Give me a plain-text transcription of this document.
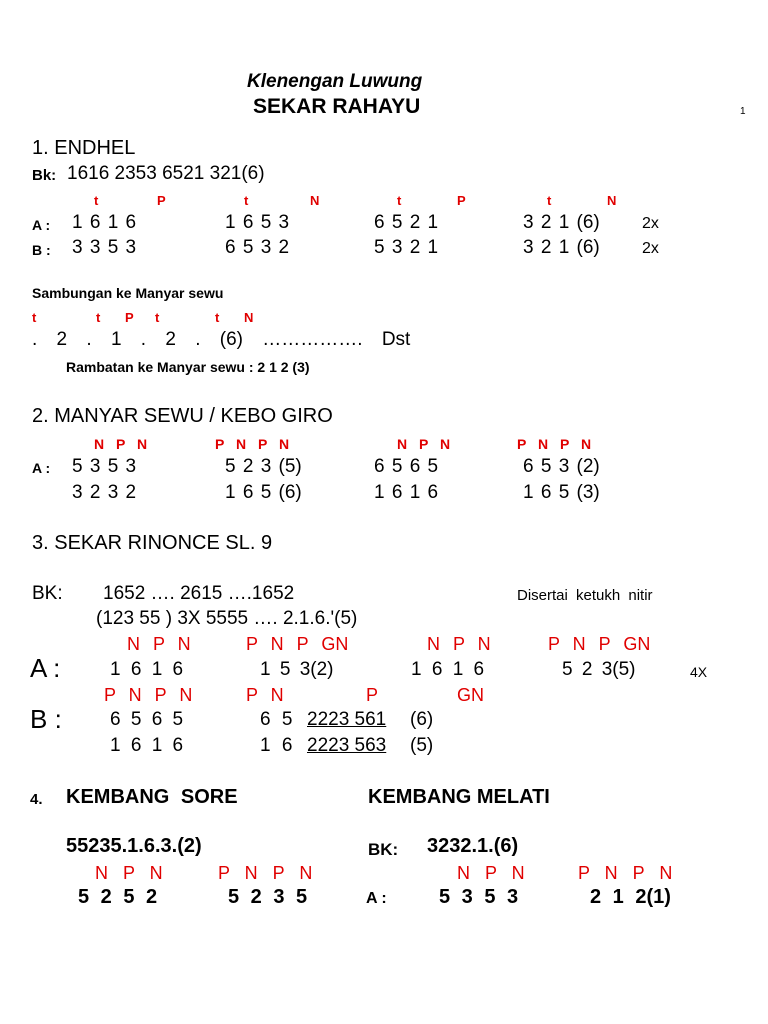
Klenengan Luwung
SEKAR RAHAYU	1
1. ENDHEL
Bk: 1616 2353 6521 321(6)
t	P	t	N	t	P	t	N
A : 1 6 1 6	1 6 5 3	6 5 2 1	3 2 1 (6)	2x
B : 3 3 5 3	6 5 3 2	5 3 2 1	3 2 1 (6)	2x
Sambungan ke Manyar sewu
t	t P t	t N
. 2 . 1 . 2 . (6) ……………. Dst
Rambatan ke Manyar sewu : 2 1 2 (3)
2. MANYAR SEWU / KEBO GIRO
N P N	P N P N	N P N	P N P N
A : 5 3 5 3	5 2 3 (5)	6 5 6 5	6 5 3 (2)
3 2 3 2	1 6 5 (6)	1 6 1 6	1 6 5 (3)
3. SEKAR RINONCE SL. 9
BK: 1652 …. 2615 ….1652	Disertai ketukh nitir
(123 55 ) 3X 5555 …. 2.1.6.'(5)
N P N	P N P GN	N P N	P N P GN
A :	1 6 1 6	1 5 3(2)	1 6 1 6	5 2 3(5)	4X
P N P N	P N	P	GN
B :	6 5 6 5	6 5 2223 561 (6)
1 6 1 6	1 6 2223 563 (5)
4. KEMBANG SORE	KEMBANG MELATI
55235.1.6.3.(2)	BK: 3232.1.(6)
N P N	P N P N	N P N	P N P N
5 2 5 2	5 2 3 5	A :	5 3 5 3	2 1 2(1)
